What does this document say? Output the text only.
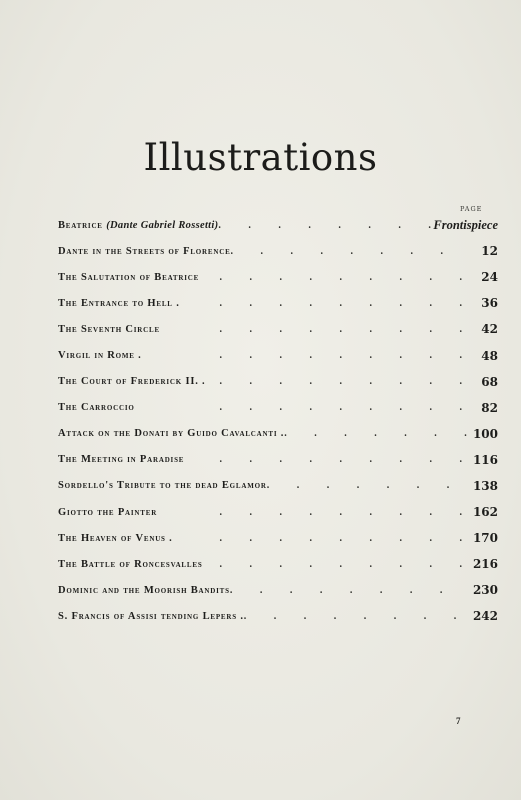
Illustrations
PAGE
Beatrice (Dante Gabriel Rossetti) .	Frontispiece
Dante in the Streets of Florence .	12
The Salutation of Beatrice .	24
The Entrance to Hell . .	36
The Seventh Circle .	42
Virgil in Rome . .	48
The Court of Frederick II. . .	68
The Carroccio .	82
Attack on the Donati by Guido Cavalcanti . .	100
The Meeting in Paradise .	116
Sordello's Tribute to the dead Eglamor .	138
Giotto the Painter .	162
The Heaven of Venus . .	170
The Battle of Roncesvalles .	216
Dominic and the Moorish Bandits .	230
S. Francis of Assisi tending Lepers . .	242
7
